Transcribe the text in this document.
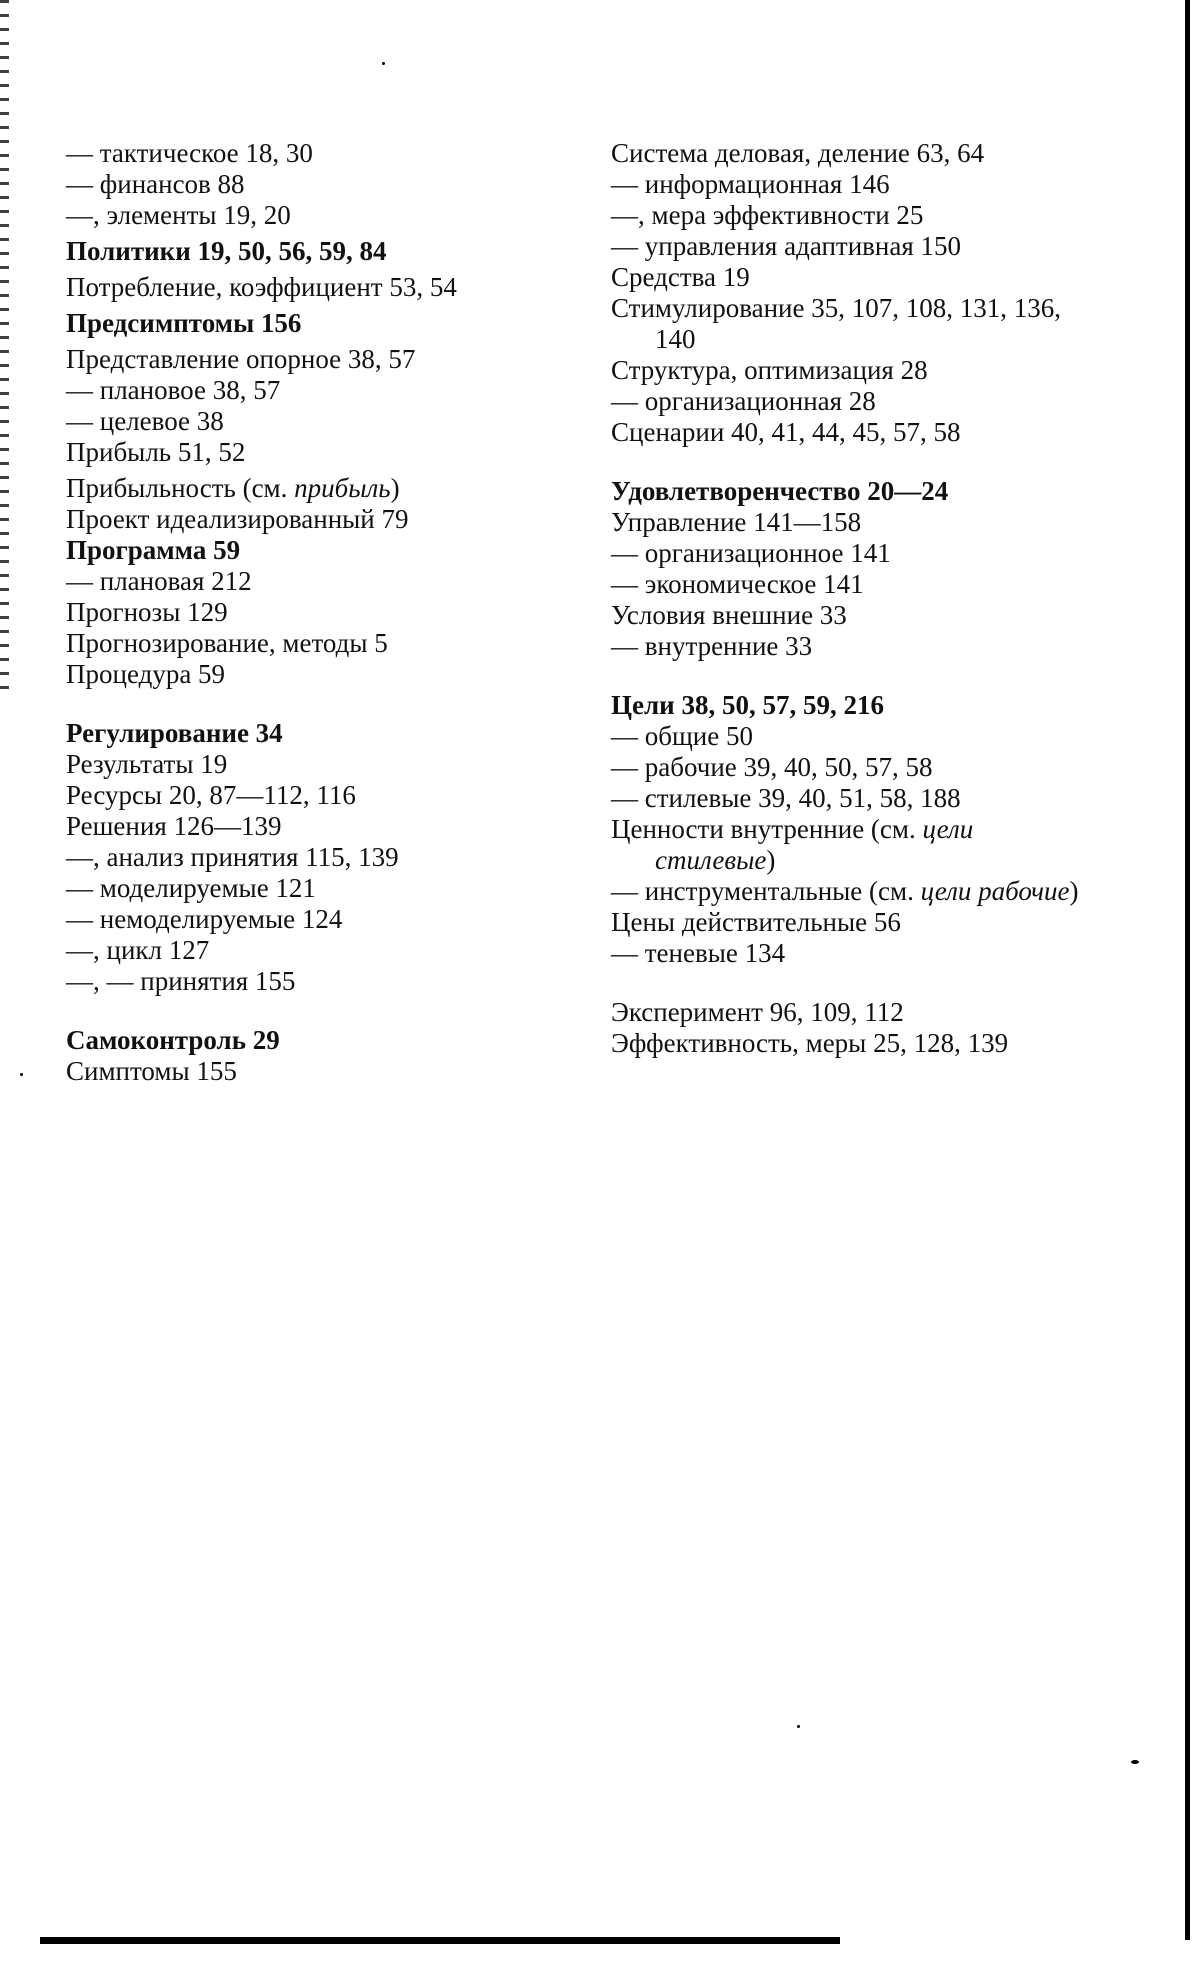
— тактическое 18, 30
— финансов 88
—, элементы 19, 20
Политики 19, 50, 56, 59, 84
Потребление, коэффициент 53, 54
Предсимптомы 156
Представление опорное 38, 57
— плановое 38, 57
— целевое 38
Прибыль 51, 52
Прибыльность (см. прибыль)
Проект идеализированный 79
Программа 59
— плановая 212
Прогнозы 129
Прогнозирование, методы 5
Процедура 59
Регулирование 34
Результаты 19
Ресурсы 20, 87—112, 116
Решения 126—139
—, анализ принятия 115, 139
— моделируемые 121
— немоделируемые 124
—, цикл 127
—, — принятия 155
Самоконтроль 29
Симптомы 155
Система деловая, деление 63, 64
— информационная 146
—, мера эффективности 25
— управления адаптивная 150
Средства 19
Стимулирование 35, 107, 108, 131, 136, 140
Структура, оптимизация 28
— организационная 28
Сценарии 40, 41, 44, 45, 57, 58
Удовлетворенчество 20—24
Управление 141—158
— организационное 141
— экономическое 141
Условия внешние 33
— внутренние 33
Цели 38, 50, 57, 59, 216
— общие 50
— рабочие 39, 40, 50, 57, 58
— стилевые 39, 40, 51, 58, 188
Ценности внутренние (см. цели стилевые)
— инструментальные (см. цели рабочие)
Цены действительные 56
— теневые 134
Эксперимент 96, 109, 112
Эффективность, меры 25, 128, 139
